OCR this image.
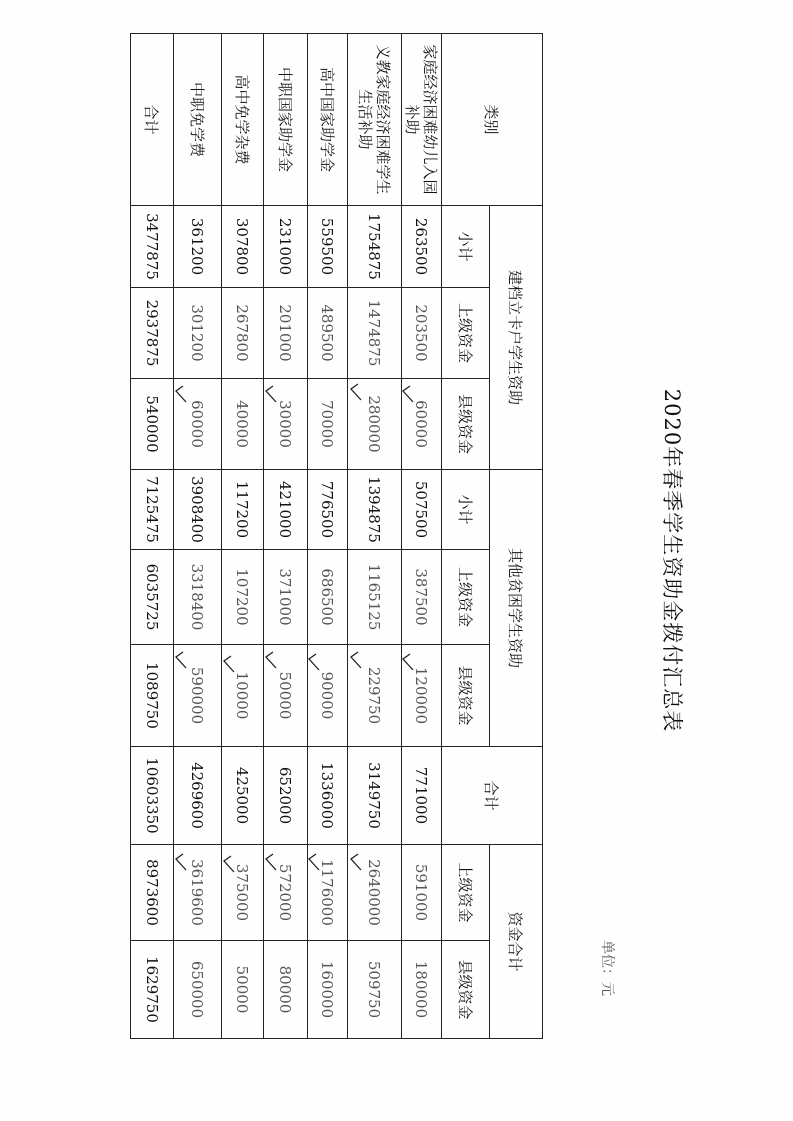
2020年春季学生资助金拨付汇总表
单位：元
类别	建档立卡户学生资助			其他贫困学生资助			合计	资金合计	
	小计	上级资金	县级资金	小计	上级资金	县级资金		上级资金	县级资金
家庭经济困难幼儿入园补助	263500	203500	60000	507500	387500	120000	771000	591000	180000
义教家庭经济困难学生生活补助	1754875	1474875	280000	1394875	1165125	229750	3149750	2640000	509750
高中国家助学金	559500	489500	70000	776500	686500	90000	1336000	1176000	160000
中职国家助学金	231000	201000	30000	421000	371000	50000	652000	572000	80000
高中免学杂费	307800	267800	40000	117200	107200	10000	425000	375000	50000
中职免学费	361200	301200	60000	3908400	3318400	590000	4269600	3619600	650000
合计	3477875	2937875	540000	7125475	6035725	1089750	10603350	8973600	1629750
